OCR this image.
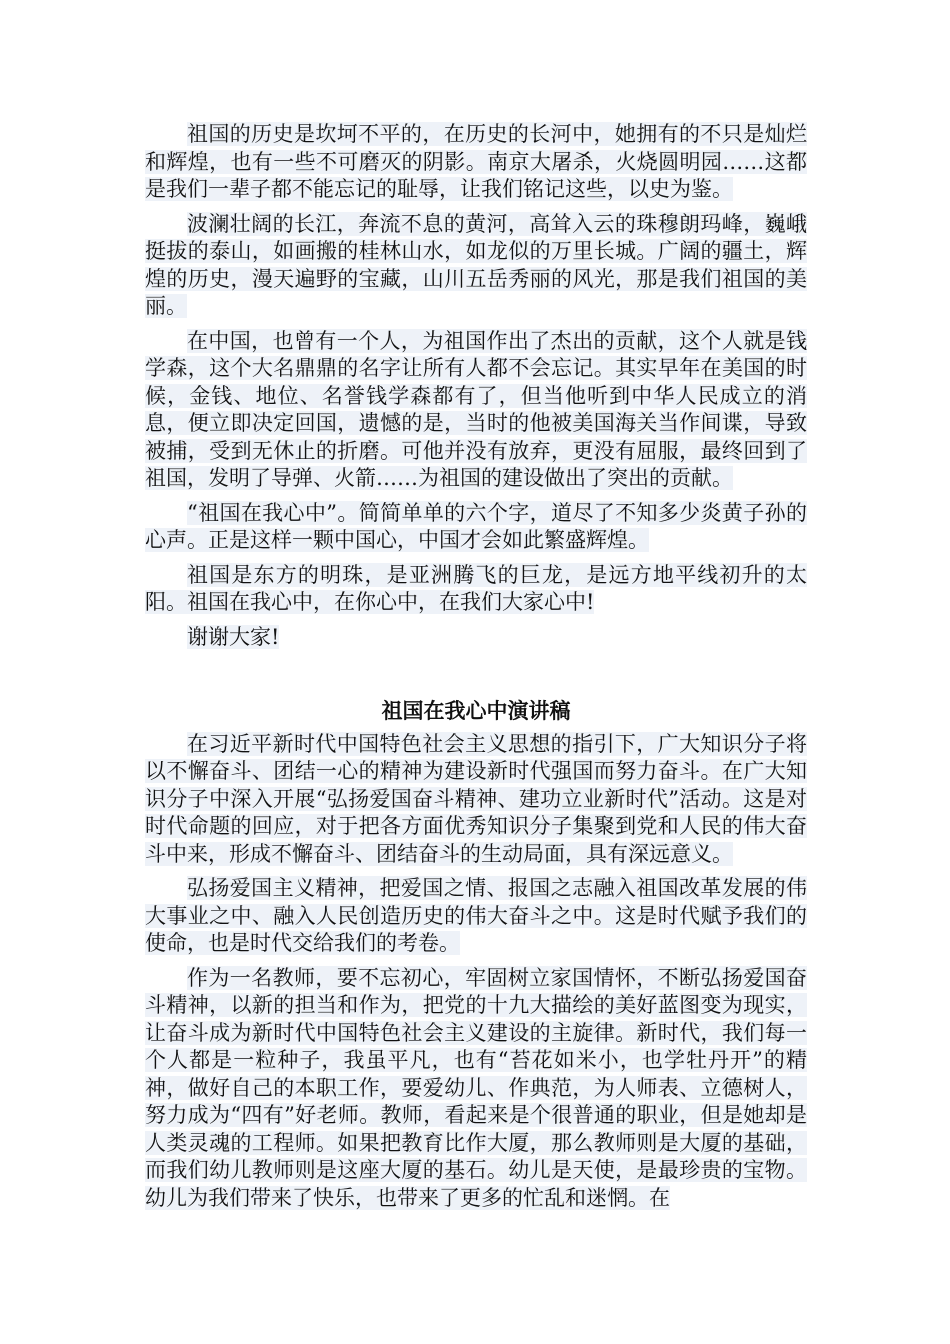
祖国的历史是坎坷不平的，在历史的长河中，她拥有的不只是灿烂和辉煌，也有一些不可磨灭的阴影。南京大屠杀，火烧圆明园……这都是我们一辈子都不能忘记的耻辱，让我们铭记这些，以史为鉴。

波澜壮阔的长江，奔流不息的黄河，高耸入云的珠穆朗玛峰，巍峨挺拔的泰山，如画搬的桂林山水，如龙似的万里长城。广阔的疆土，辉煌的历史，漫天遍野的宝藏，山川五岳秀丽的风光，那是我们祖国的美丽。

在中国，也曾有一个人，为祖国作出了杰出的贡献，这个人就是钱学森，这个大名鼎鼎的名字让所有人都不会忘记。其实早年在美国的时候，金钱、地位、名誉钱学森都有了，但当他听到中华人民成立的消息，便立即决定回国，遗憾的是，当时的他被美国海关当作间谍，导致被捕，受到无休止的折磨。可他并没有放弃，更没有屈服，最终回到了祖国，发明了导弹、火箭……为祖国的建设做出了突出的贡献。

“祖国在我心中”。简简单单的六个字，道尽了不知多少炎黄子孙的心声。正是这样一颗中国心，中国才会如此繁盛辉煌。

祖国是东方的明珠，是亚洲腾飞的巨龙，是远方地平线初升的太阳。祖国在我心中，在你心中，在我们大家心中!

谢谢大家!

祖国在我心中演讲稿

在习近平新时代中国特色社会主义思想的指引下，广大知识分子将以不懈奋斗、团结一心的精神为建设新时代强国而努力奋斗。在广大知识分子中深入开展“弘扬爱国奋斗精神、建功立业新时代”活动。这是对时代命题的回应，对于把各方面优秀知识分子集聚到党和人民的伟大奋斗中来，形成不懈奋斗、团结奋斗的生动局面，具有深远意义。

弘扬爱国主义精神，把爱国之情、报国之志融入祖国改革发展的伟大事业之中、融入人民创造历史的伟大奋斗之中。这是时代赋予我们的使命，也是时代交给我们的考卷。

作为一名教师，要不忘初心，牢固树立家国情怀，不断弘扬爱国奋斗精神，以新的担当和作为，把党的十九大描绘的美好蓝图变为现实，让奋斗成为新时代中国特色社会主义建设的主旋律。新时代，我们每一个人都是一粒种子，我虽平凡，也有“苔花如米小，也学牡丹开”的精神，做好自己的本职工作，要爱幼儿、作典范，为人师表、立德树人，努力成为“四有”好老师。教师，看起来是个很普通的职业，但是她却是人类灵魂的工程师。如果把教育比作大厦，那么教师则是大厦的基础，而我们幼儿教师则是这座大厦的基石。幼儿是天使，是最珍贵的宝物。幼儿为我们带来了快乐，也带来了更多的忙乱和迷惘。在
